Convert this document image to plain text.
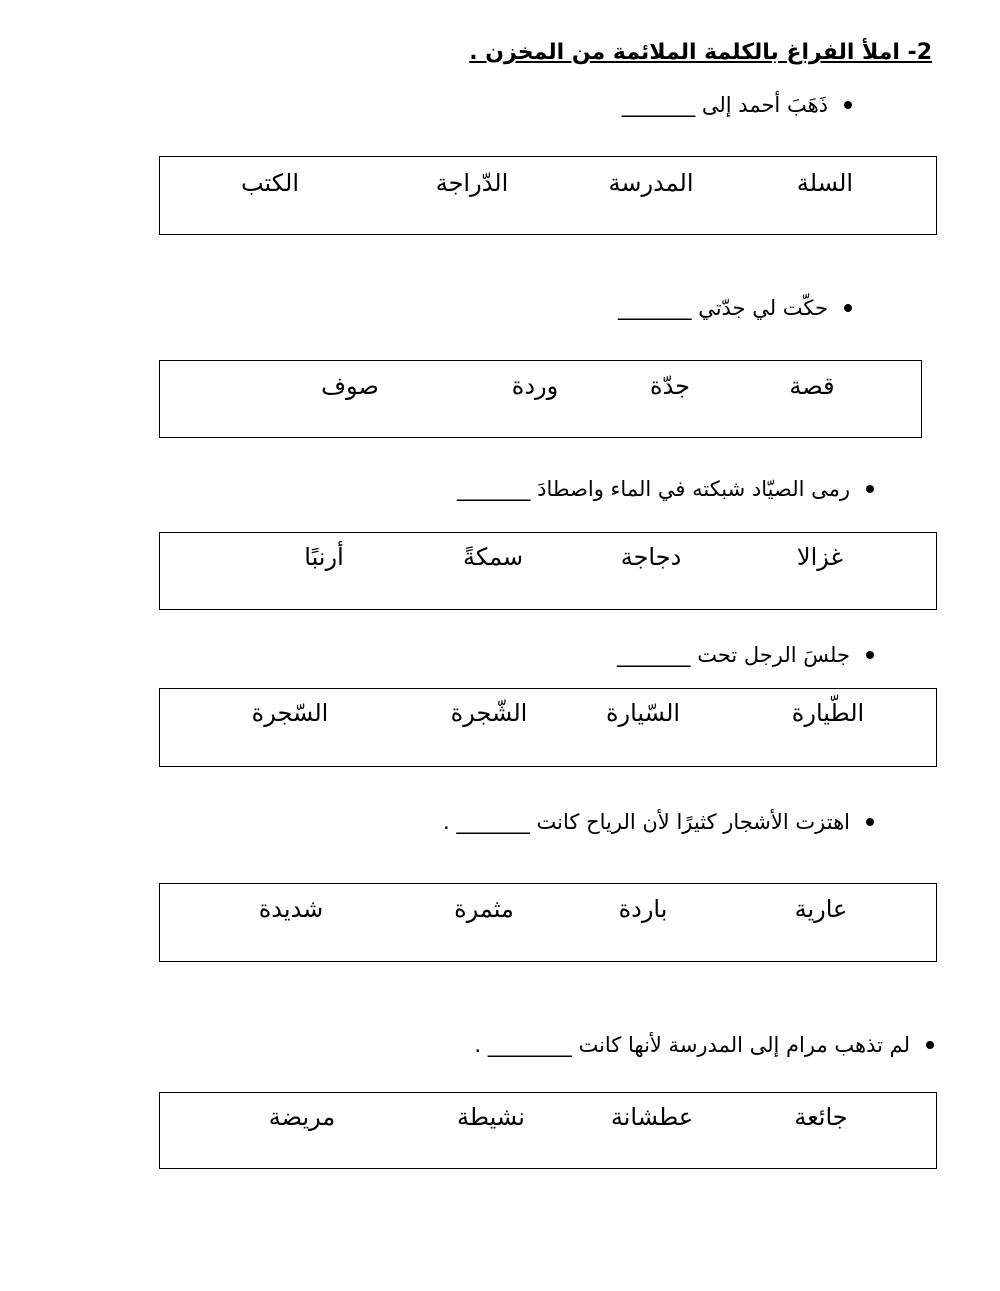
2- املأ الفراغ بالكلمة الملائمة من المخزن .
ذَهَبَ أحمد إلى _______
السلة
المدرسة
الدّراجة
الكتب
حكّت لي جدّتي _______
قصة
جدّة
وردة
صوف
رمى الصيّاد شبكته في الماء واصطادَ _______
غزالا
دجاجة
سمكةً
أرنبًا
جلسَ الرجل تحت _______
الطّيارة
السّيارة
الشّجرة
السّجرة
اهتزت الأشجار كثيرًا لأن الرياح كانت _______ .
عارية
باردة
مثمرة
شديدة
لم تذهب مرام إلى المدرسة لأنها كانت ________ .
جائعة
عطشانة
نشيطة
مريضة
